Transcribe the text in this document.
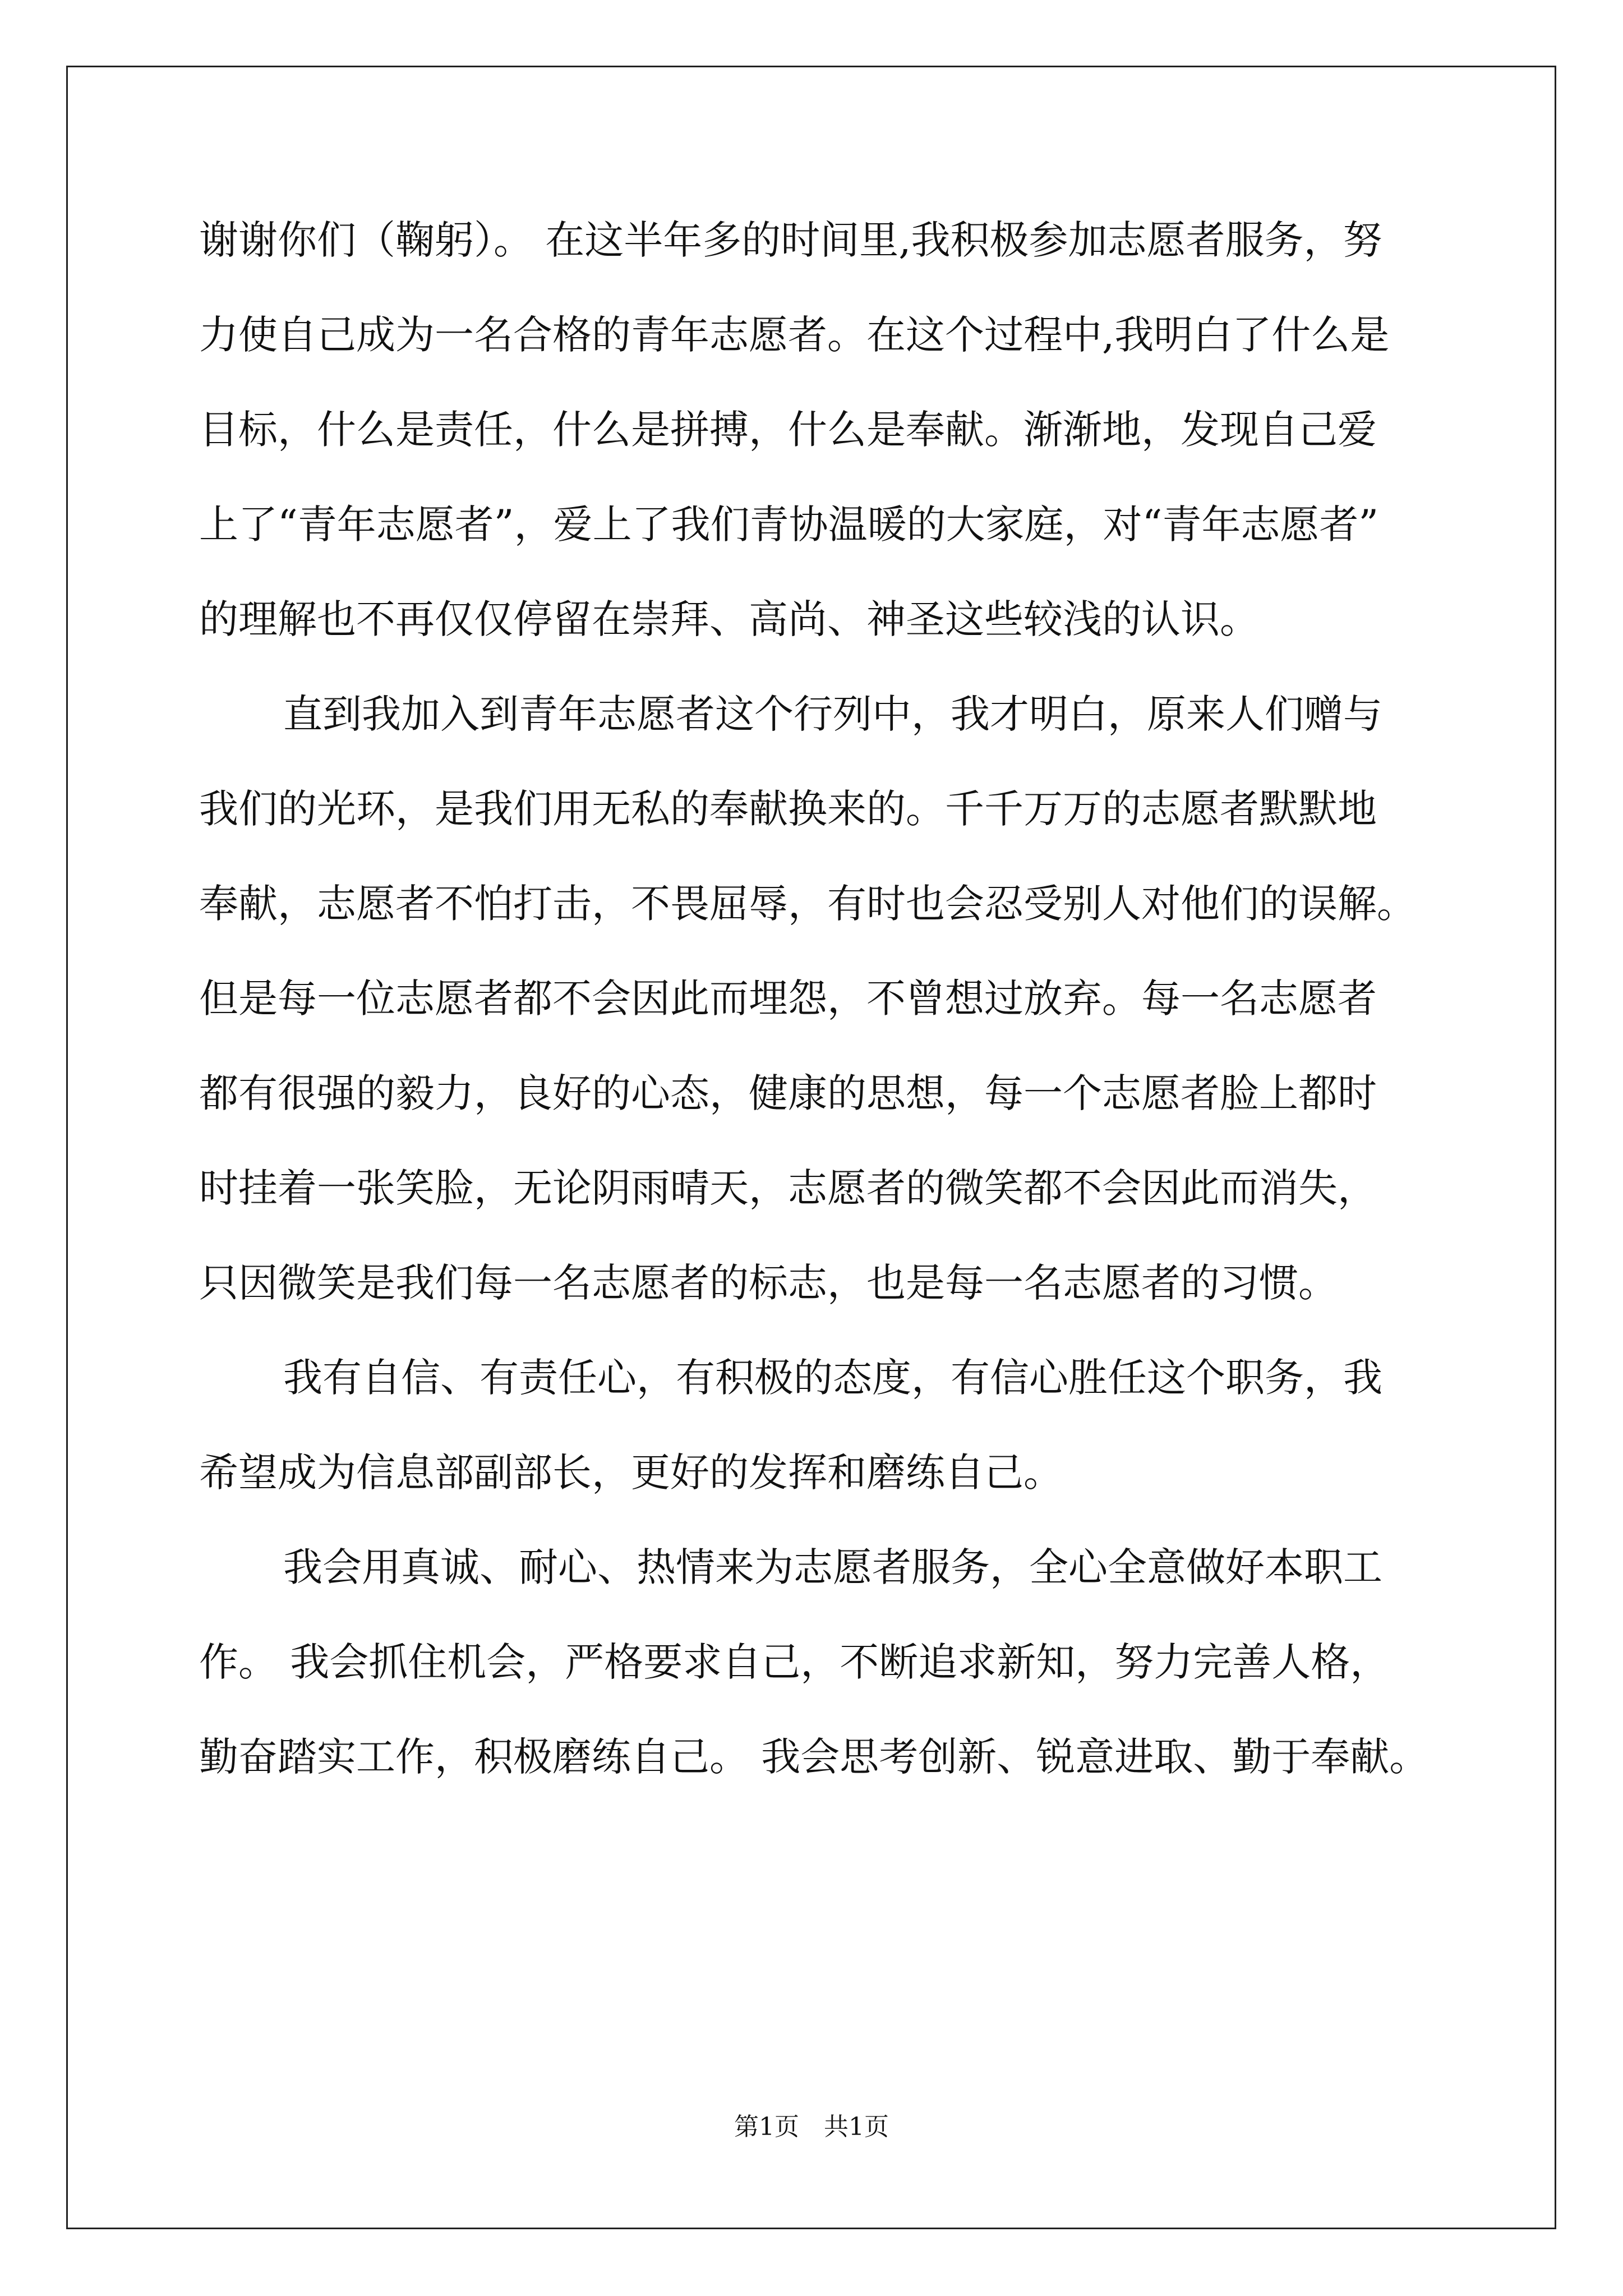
谢谢你们（鞠躬）。 在这半年多的时间里,我积极参加志愿者服务，努
力使自己成为一名合格的青年志愿者。在这个过程中,我明白了什么是
目标，什么是责任，什么是拼搏，什么是奉献。渐渐地，发现自己爱
上了“青年志愿者”，爱上了我们青协温暖的大家庭，对“青年志愿者”
的理解也不再仅仅停留在崇拜、高尚、神圣这些较浅的认识。
直到我加入到青年志愿者这个行列中，我才明白，原来人们赠与
我们的光环，是我们用无私的奉献换来的。千千万万的志愿者默默地
奉献，志愿者不怕打击，不畏屈辱，有时也会忍受别人对他们的误解。
但是每一位志愿者都不会因此而埋怨，不曾想过放弃。每一名志愿者
都有很强的毅力，良好的心态，健康的思想，每一个志愿者脸上都时
时挂着一张笑脸，无论阴雨晴天，志愿者的微笑都不会因此而消失，
只因微笑是我们每一名志愿者的标志，也是每一名志愿者的习惯。
我有自信、有责任心，有积极的态度，有信心胜任这个职务，我
希望成为信息部副部长，更好的发挥和磨练自己。
我会用真诚、耐心、热情来为志愿者服务，全心全意做好本职工
作。 我会抓住机会，严格要求自己，不断追求新知，努力完善人格，
勤奋踏实工作，积极磨练自己。 我会思考创新、锐意进取、勤于奉献。
第1页　共1页
